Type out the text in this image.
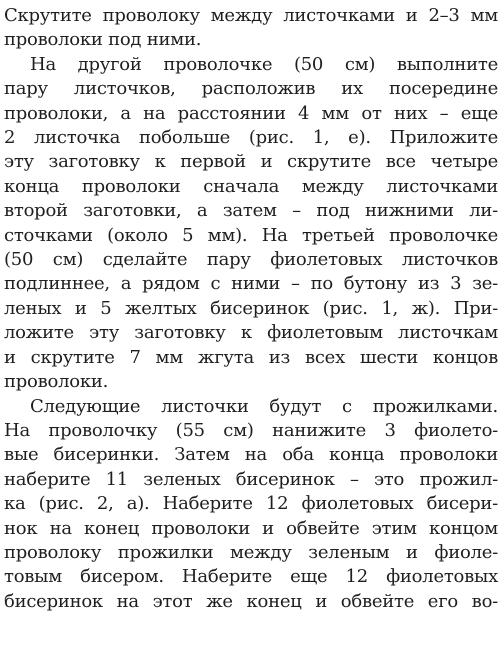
Скрутите проволоку между листочками и 2–3 мм
проволоки под ними.

На другой проволочке (50 см) выполните
пару листочков, расположив их посередине
проволоки, а на расстоянии 4 мм от них – еще
2 листочка побольше (рис. 1, е). Приложите
эту заготовку к первой и скрутите все четыре
конца проволоки сначала между листочками
второй заготовки, а затем – под нижними ли-
сточками (около 5 мм). На третьей проволочке
(50 см) сделайте пару фиолетовых листочков
подлиннее, а рядом с ними – по бутону из 3 зе-
леных и 5 желтых бисеринок (рис. 1, ж). При-
ложите эту заготовку к фиолетовым листочкам
и скрутите 7 мм жгута из всех шести концов
проволоки.

Следующие листочки будут с прожилками.
На проволочку (55 см) нанижите 3 фиолето-
вые бисеринки. Затем на оба конца проволоки
наберите 11 зеленых бисеринок – это прожил-
ка (рис. 2, а). Наберите 12 фиолетовых бисери-
нок на конец проволоки и обвейте этим концом
проволоку прожилки между зеленым и фиоле-
товым бисером. Наберите еще 12 фиолетовых
бисеринок на этот же конец и обвейте его во-
